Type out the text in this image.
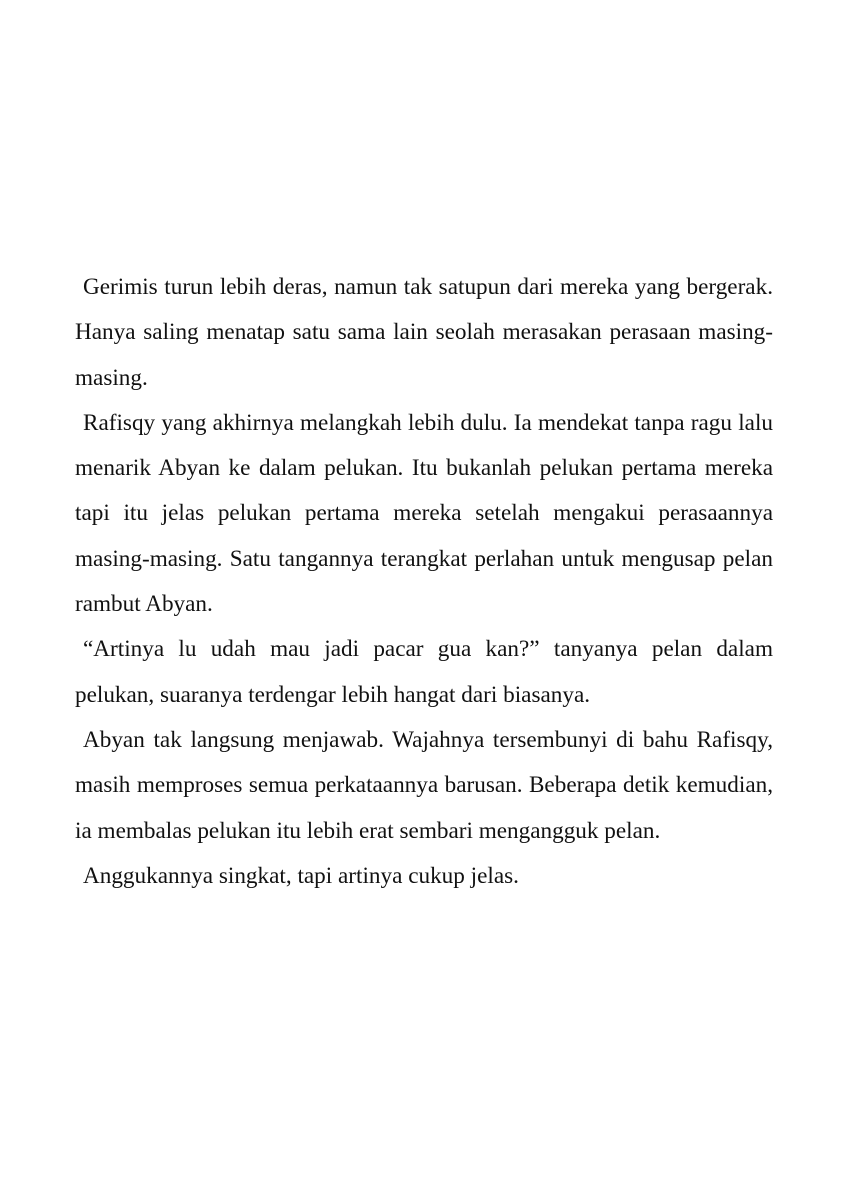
Gerimis turun lebih deras, namun tak satupun dari mereka yang bergerak. Hanya saling menatap satu sama lain seolah merasakan perasaan masing-masing.

Rafisqy yang akhirnya melangkah lebih dulu. Ia mendekat tanpa ragu lalu menarik Abyan ke dalam pelukan. Itu bukanlah pelukan pertama mereka tapi itu jelas pelukan pertama mereka setelah mengakui perasaannya masing-masing. Satu tangannya terangkat perlahan untuk mengusap pelan rambut Abyan.

“Artinya lu udah mau jadi pacar gua kan?” tanyanya pelan dalam pelukan, suaranya terdengar lebih hangat dari biasanya.

Abyan tak langsung menjawab. Wajahnya tersembunyi di bahu Rafisqy, masih memproses semua perkataannya barusan. Beberapa detik kemudian, ia membalas pelukan itu lebih erat sembari mengangguk pelan.

Anggukannya singkat, tapi artinya cukup jelas.
